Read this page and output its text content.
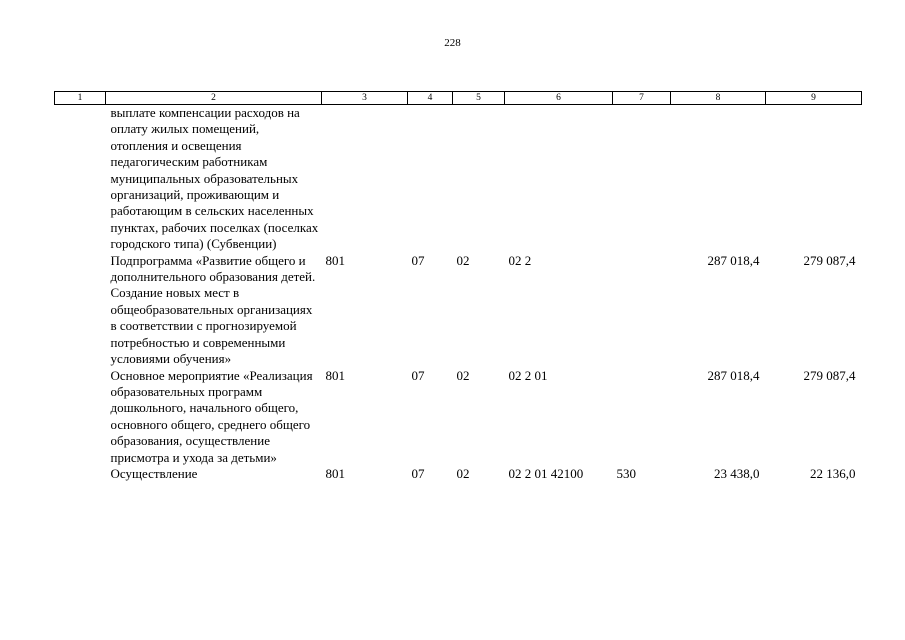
228
1	2	3	4	5	6	7	8	9
	выплате компенсации расходов на оплату жилых помещений, отопления и освещения педагогическим работникам муниципальных образовательных организаций, проживающим и работающим в сельских населенных пунктах, рабочих поселках (поселках городского типа) (Субвенции)							
	Подпрограмма «Развитие общего и дополнительного образования детей. Создание новых мест в общеобразовательных организациях в соответствии с прогнозируемой потребностью и современными условиями обучения»	801	07	02	02 2		287 018,4	279 087,4
	Основное мероприятие «Реализация образовательных программ дошкольного, начального общего, основного общего, среднего общего образования, осуществление присмотра и ухода за детьми»	801	07	02	02 2 01		287 018,4	279 087,4
	Осуществление	801	07	02	02 2 01 42100	530	23 438,0	22 136,0
